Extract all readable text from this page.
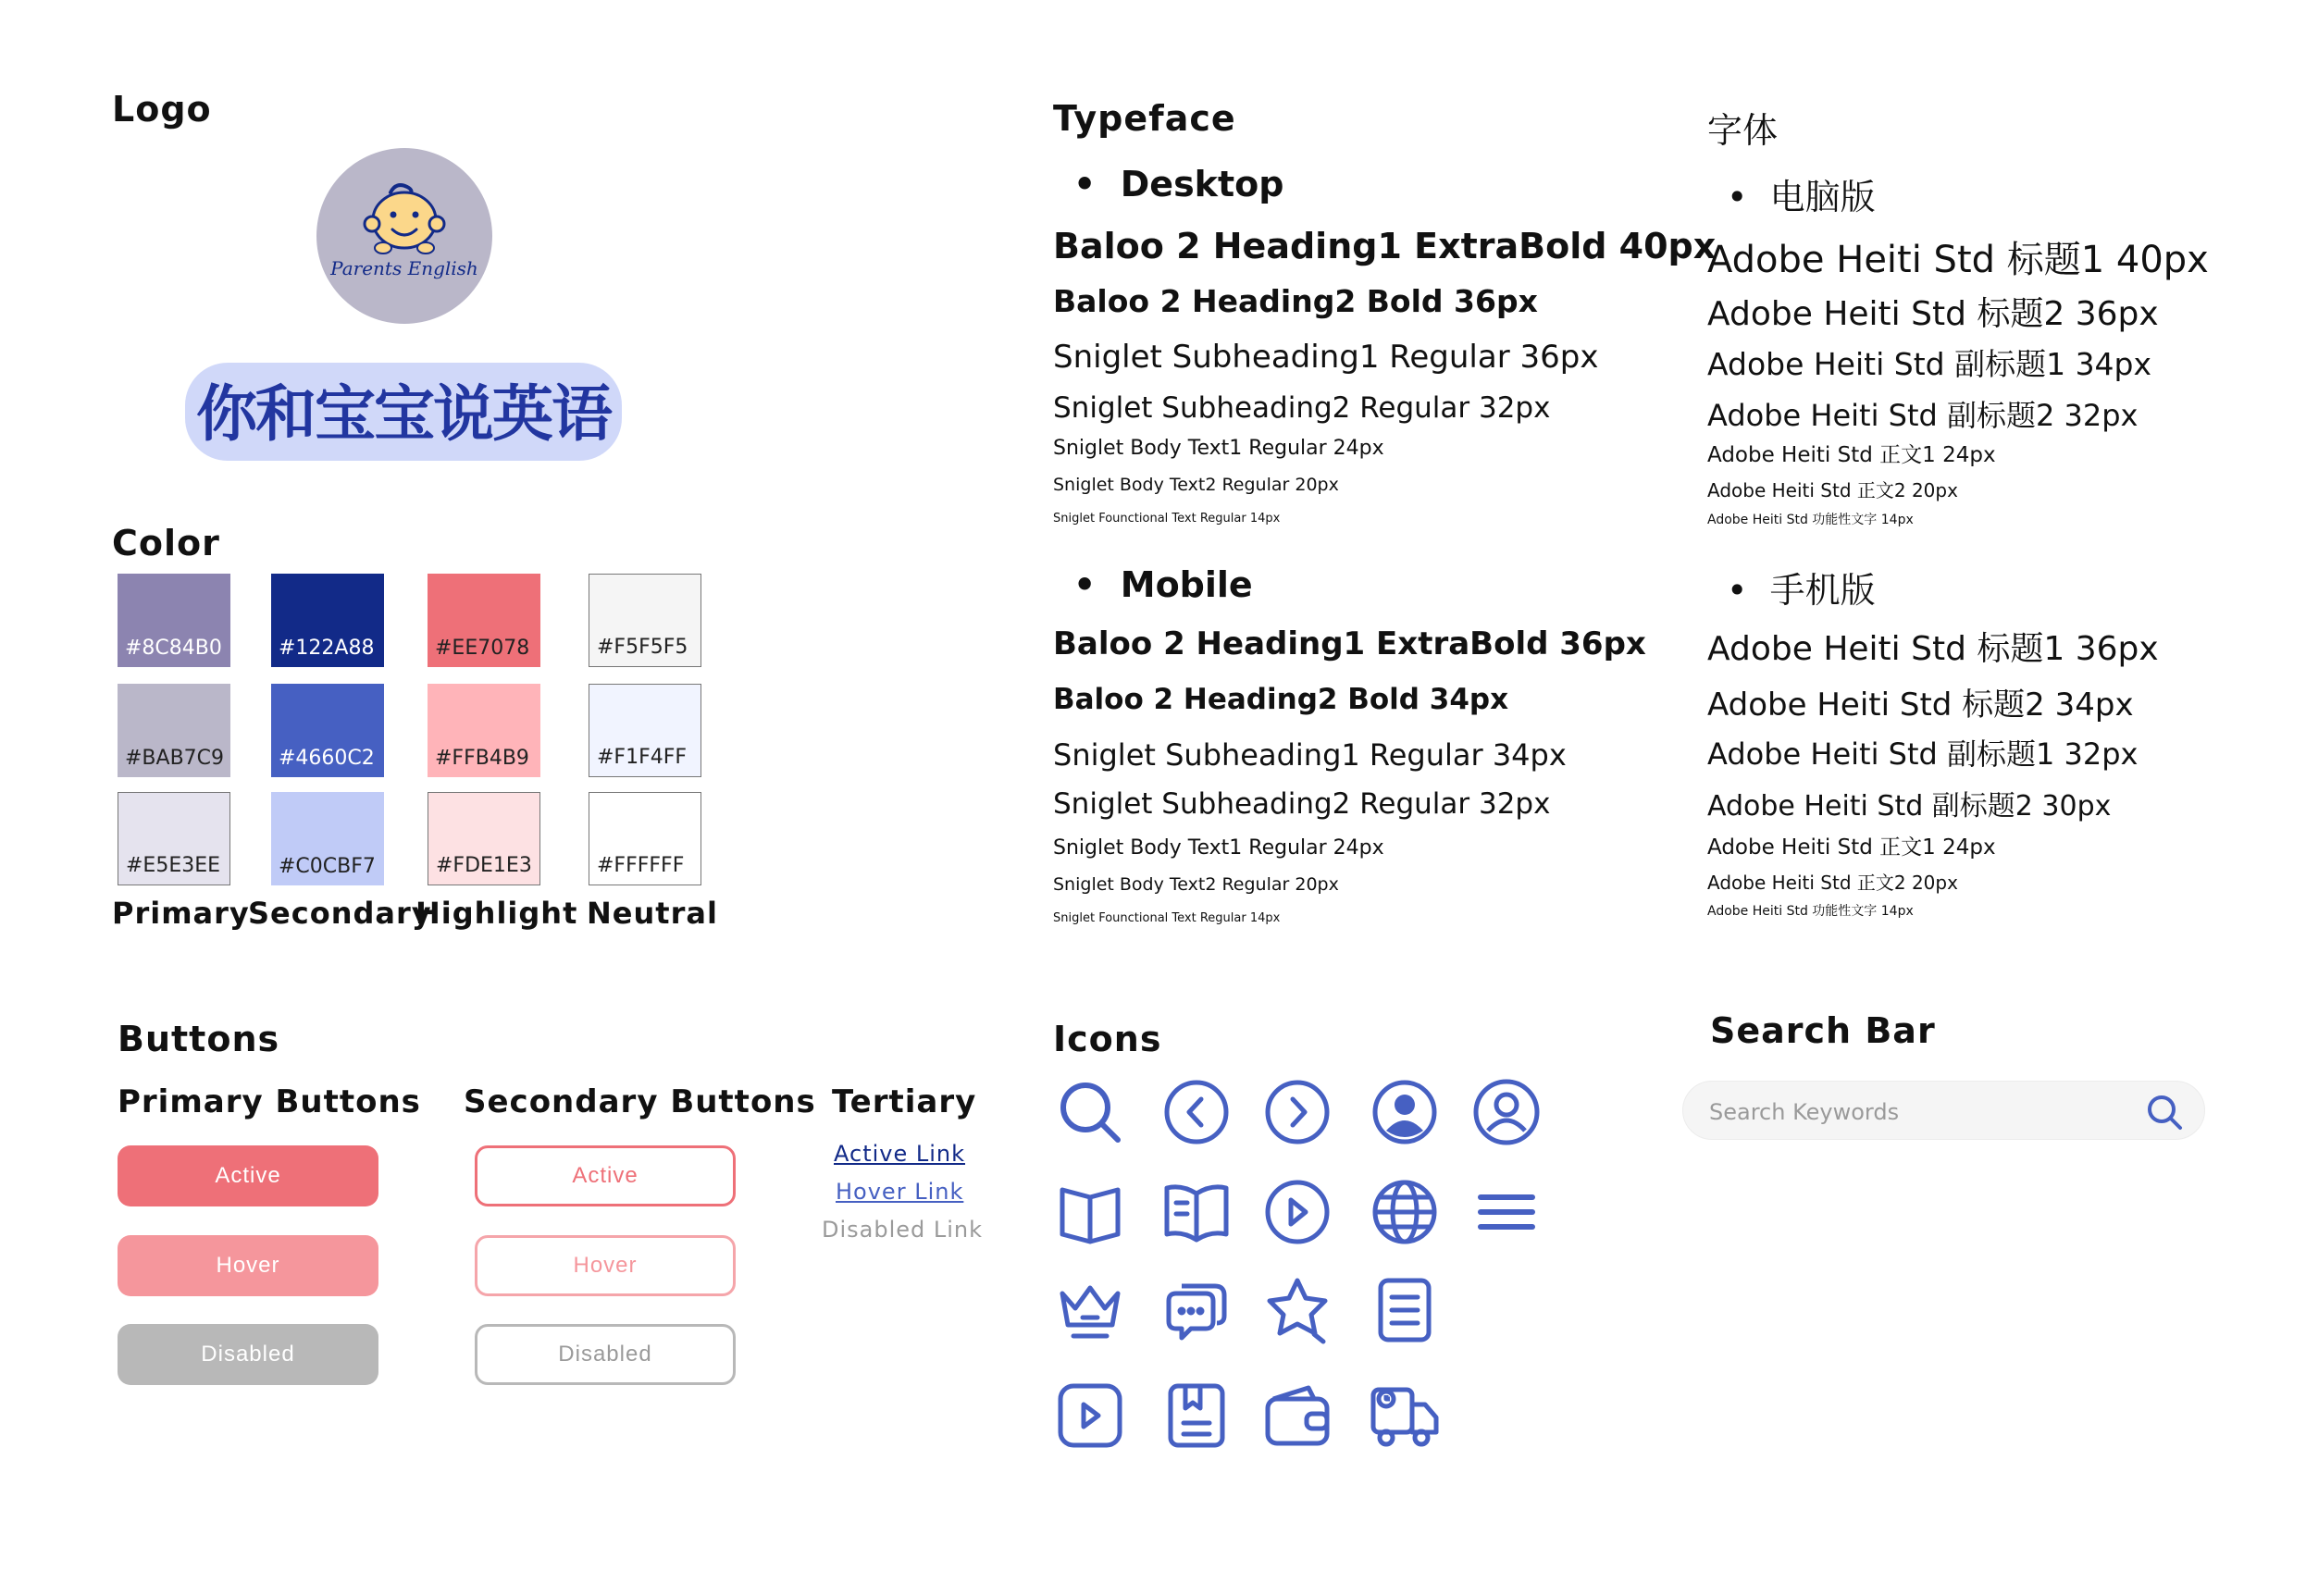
Logo
Parents English
你和宝宝说英语
Color
#8C84B0
#BAB7C9
#E5E3EE
#122A88
#4660C2
#C0CBF7
#EE7078
#FFB4B9
#FDE1E3
#F5F5F5
#F1F4FF
#FFFFFF
Primary
Secondary
Highlight Neutral
Typeface
•  Desktop
Baloo 2 Heading1 ExtraBold 40px
Baloo 2 Heading2 Bold 36px
Sniglet Subheading1 Regular 36px
Sniglet Subheading2 Regular 32px
Sniglet Body Text1 Regular 24px
Sniglet Body Text2 Regular 20px
Sniglet Founctional Text Regular 14px
•  Mobile
Baloo 2 Heading1 ExtraBold 36px
Baloo 2 Heading2 Bold 34px
Sniglet Subheading1 Regular 34px
Sniglet Subheading2 Regular 32px
Sniglet Body Text1 Regular 24px
Sniglet Body Text2 Regular 20px
Sniglet Founctional Text Regular 14px
字体
•  电脑版
Adobe Heiti Std 标题1 40px
Adobe Heiti Std 标题2 36px
Adobe Heiti Std 副标题1 34px
Adobe Heiti Std 副标题2 32px
Adobe Heiti Std 正文1 24px
Adobe Heiti Std 正文2 20px
Adobe Heiti Std 功能性文字 14px
•  手机版
Adobe Heiti Std 标题1 36px
Adobe Heiti Std 标题2 34px
Adobe Heiti Std 副标题1 32px
Adobe Heiti Std 副标题2 30px
Adobe Heiti Std 正文1 24px
Adobe Heiti Std 正文2 20px
Adobe Heiti Std 功能性文字 14px
Buttons
Primary Buttons Secondary Buttons Tertiary
Active
Hover
Disabled
Active
Hover
Disabled
Active Link
Hover Link
Disabled Link
Icons	Search Bar
Search Keywords
